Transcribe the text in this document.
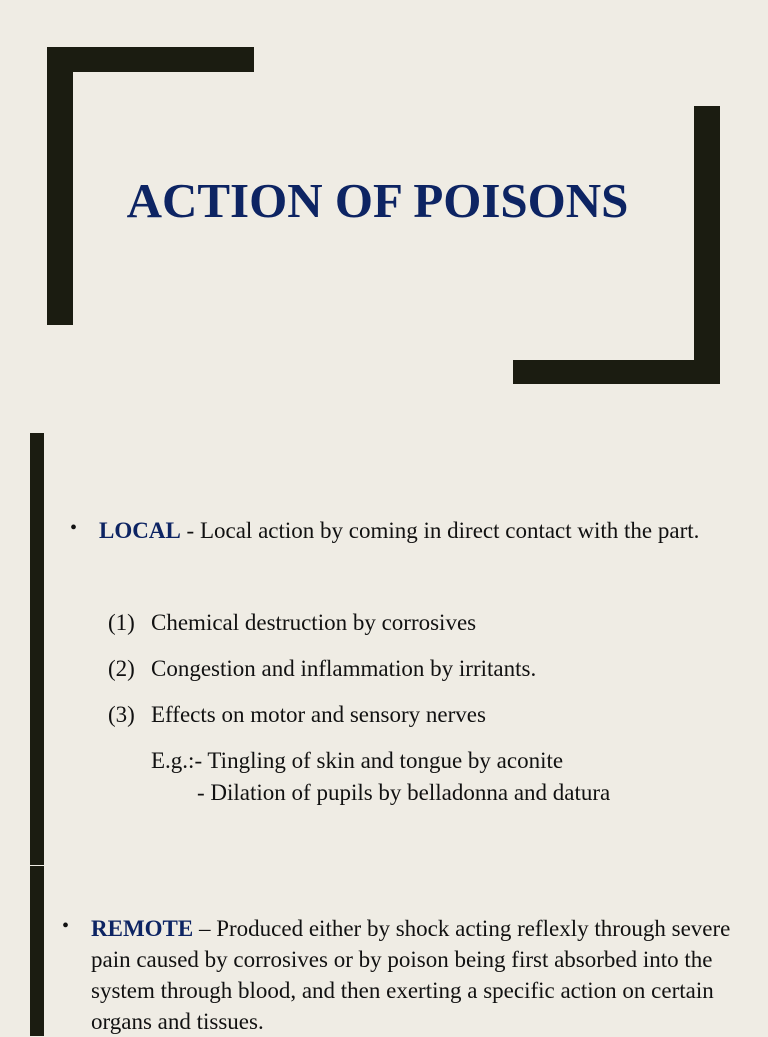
ACTION OF POISONS
• LOCAL - Local action by coming in direct contact with the part.

(1) Chemical destruction by corrosives
(2) Congestion and inflammation by irritants.
(3) Effects on motor and sensory nerves
E.g.:- Tingling of skin and tongue by aconite
- Dilation of pupils by belladonna and datura
• REMOTE – Produced either by shock acting reflexly through severe pain caused by corrosives or by poison being first absorbed into the system through blood, and then exerting a specific action on certain organs and tissues.
